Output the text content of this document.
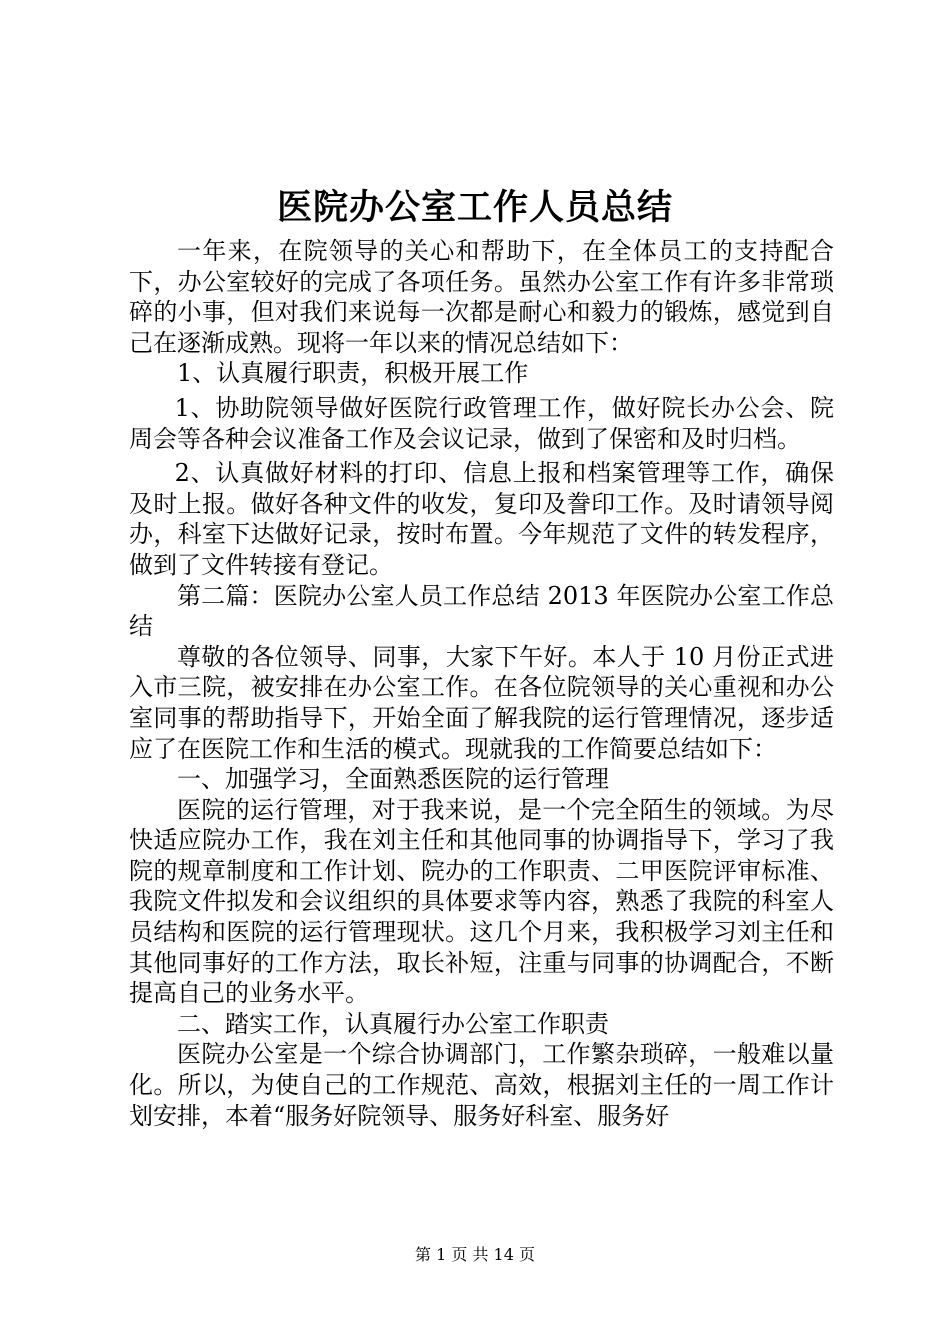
医院办公室工作人员总结

一年来，在院领导的关心和帮助下，在全体员工的支持配合下，办公室较好的完成了各项任务。虽然办公室工作有许多非常琐碎的小事，但对我们来说每一次都是耐心和毅力的锻炼，感觉到自己在逐渐成熟。现将一年以来的情况总结如下：

1、认真履行职责，积极开展工作

1、协助院领导做好医院行政管理工作，做好院长办公会、院周会等各种会议准备工作及会议记录，做到了保密和及时归档。

2、认真做好材料的打印、信息上报和档案管理等工作，确保及时上报。做好各种文件的收发，复印及誊印工作。及时请领导阅办，科室下达做好记录，按时布置。今年规范了文件的转发程序，做到了文件转接有登记。

第二篇：医院办公室人员工作总结 2013 年医院办公室工作总结

尊敬的各位领导、同事，大家下午好。本人于 10 月份正式进入市三院，被安排在办公室工作。在各位院领导的关心重视和办公室同事的帮助指导下，开始全面了解我院的运行管理情况，逐步适应了在医院工作和生活的模式。现就我的工作简要总结如下：

一、加强学习，全面熟悉医院的运行管理

医院的运行管理，对于我来说，是一个完全陌生的领域。为尽快适应院办工作，我在刘主任和其他同事的协调指导下，学习了我院的规章制度和工作计划、院办的工作职责、二甲医院评审标准、我院文件拟发和会议组织的具体要求等内容，熟悉了我院的科室人员结构和医院的运行管理现状。这几个月来，我积极学习刘主任和其他同事好的工作方法，取长补短，注重与同事的协调配合，不断提高自己的业务水平。

二、踏实工作，认真履行办公室工作职责

医院办公室是一个综合协调部门，工作繁杂琐碎，一般难以量化。所以，为使自己的工作规范、高效，根据刘主任的一周工作计划安排，本着“服务好院领导、服务好科室、服务好

第 1 页 共 14 页
